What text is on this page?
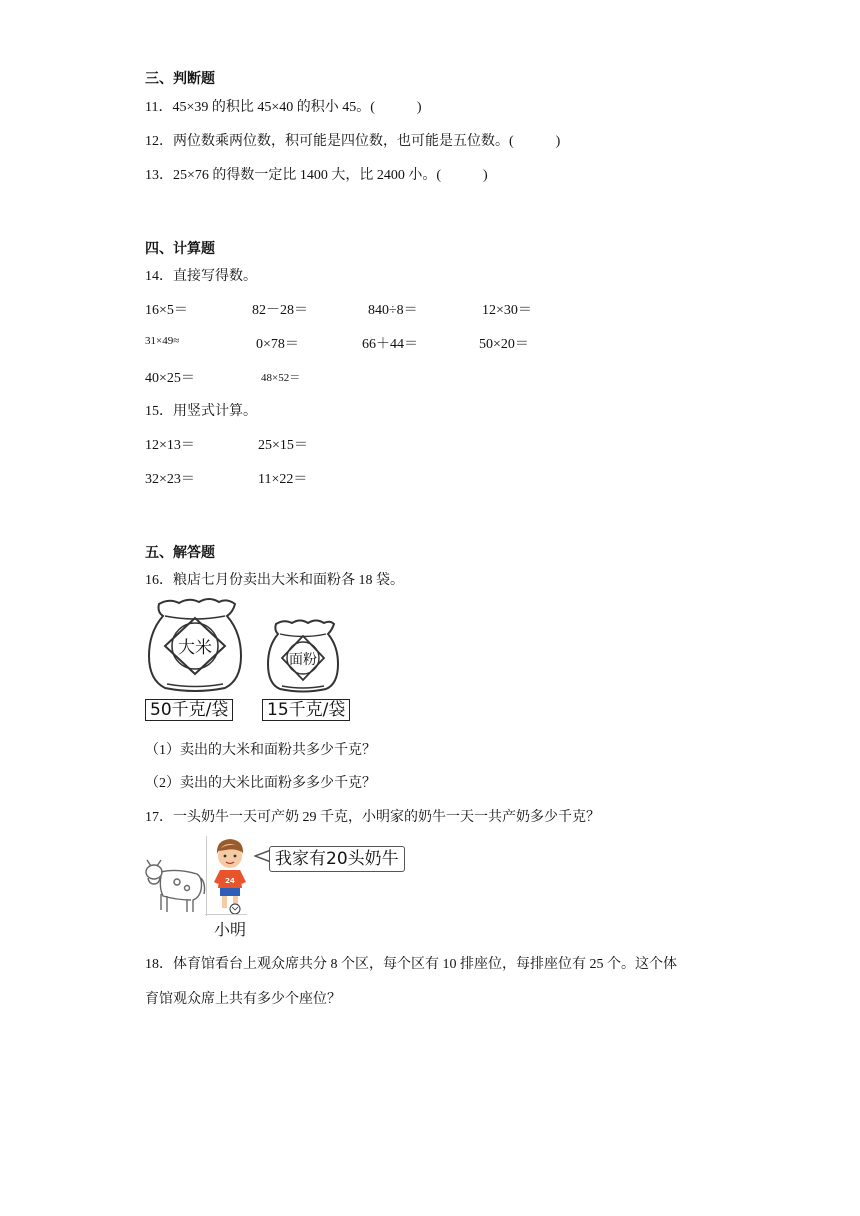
三、判断题
11．45×39 的积比 45×40 的积小 45。(　　　)
12．两位数乘两位数，积可能是四位数，也可能是五位数。(　　　)
13．25×76 的得数一定比 1400 大，比 2400 小。(　　　)
四、计算题
14．直接写得数。
16×5＝	82－28＝	840÷8＝	12×30＝
31×49≈	0×78＝	66＋44＝	50×20＝
40×25＝	48×52＝
15．用竖式计算。
12×13＝	25×15＝
32×23＝	11×22＝
五、解答题
16．粮店七月份卖出大米和面粉各 18 袋。
大米
50千克/袋
面粉
15千克/袋
（1）卖出的大米和面粉共多少千克？
（2）卖出的大米比面粉多多少千克？
17．一头奶牛一天可产奶 29 千克，小明家的奶牛一天一共产奶多少千克？
24
小明
我家有20头奶牛
18．体育馆看台上观众席共分 8 个区，每个区有 10 排座位，每排座位有 25 个。这个体
育馆观众席上共有多少个座位？
